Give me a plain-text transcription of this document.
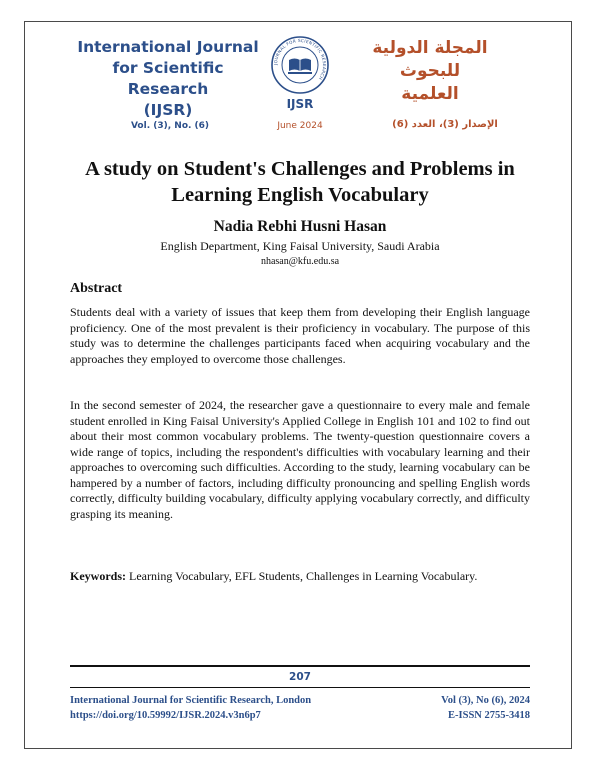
International Journal
for Scientific Research
(IJSR)
JOURNAL FOR SCIENTIFIC RESEARCH
IJSR
المجلة الدولية للبحوث
العلمية
Vol. (3), No. (6)	June 2024	الإصدار (3)، العدد (6)
A study on Student's Challenges and Problems in
Learning English Vocabulary
Nadia Rebhi Husni Hasan
English Department, King Faisal University, Saudi Arabia
nhasan@kfu.edu.sa
Abstract
Students deal with a variety of issues that keep them from developing their English language proficiency. One of the most prevalent is their proficiency in vocabulary. The purpose of this study was to determine the challenges participants faced when acquiring vocabulary and the approaches they employed to overcome those challenges.
In the second semester of 2024, the researcher gave a questionnaire to every male and female student enrolled in King Faisal University's Applied College in English 101 and 102 to find out about their most common vocabulary problems. The twenty-question questionnaire covers a wide range of topics, including the respondent's difficulties with vocabulary learning and their approaches to overcoming such difficulties. According to the study, learning vocabulary can be hampered by a number of factors, including difficulty pronouncing and spelling English words correctly, difficulty building vocabulary, difficulty applying vocabulary correctly, and difficulty grasping its meaning.
Keywords: Learning Vocabulary, EFL Students, Challenges in Learning Vocabulary.
207
International Journal for Scientific Research, London
https://doi.org/10.59992/IJSR.2024.v3n6p7
Vol (3), No (6), 2024
E-ISSN 2755-3418
